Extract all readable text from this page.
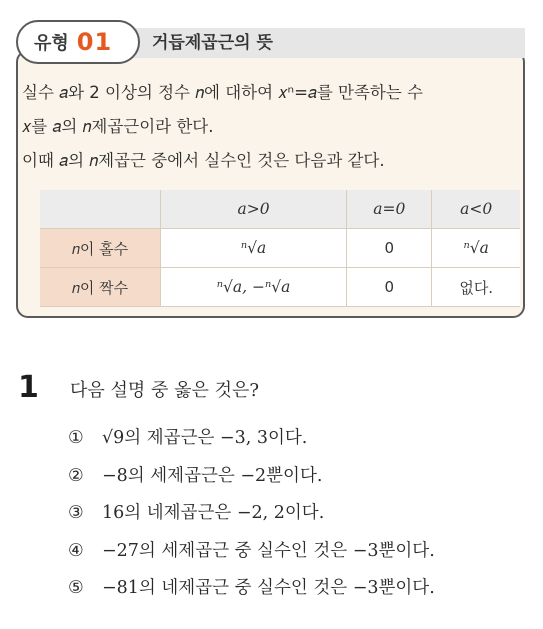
유형 01 거듭제곱근의 뜻

실수 𝑎와 2 이상의 정수 𝑛에 대하여 𝑥ⁿ=𝑎를 만족하는 수

𝑥를 𝑎의 𝑛제곱근이라 한다.

이때 𝑎의 𝑛제곱근 중에서 실수인 것은 다음과 같다.

	𝑎>0	𝑎=0	𝑎<0
𝑛이 홀수	ⁿ√𝑎	0	ⁿ√𝑎
𝑛이 짝수	ⁿ√𝑎, −ⁿ√𝑎	0	없다.
1 다음 설명 중 옳은 것은?
①	√9의 제곱근은 −3, 3이다.
②	−8의 세제곱근은 −2뿐이다.
③	16의 네제곱근은 −2, 2이다.
④	−27의 세제곱근 중 실수인 것은 −3뿐이다.
⑤	−81의 네제곱근 중 실수인 것은 −3뿐이다.
